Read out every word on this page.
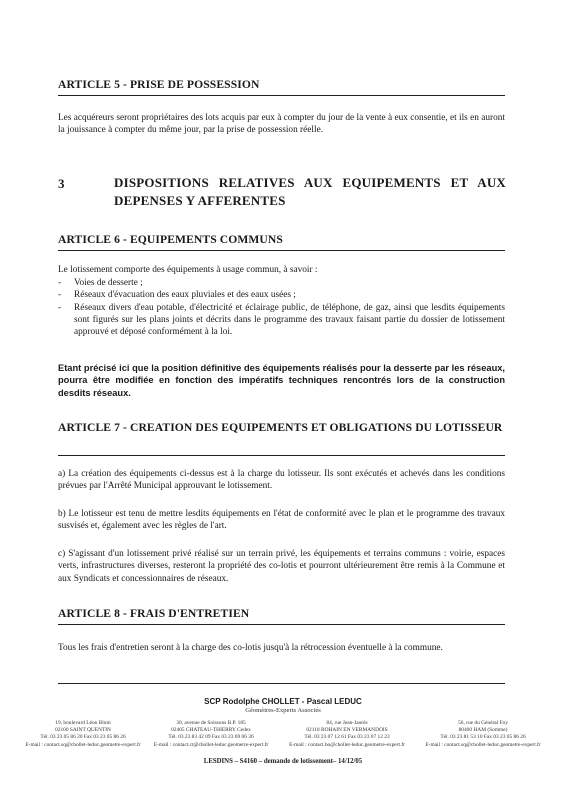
ARTICLE 5 - PRISE DE POSSESSION
Les acquéreurs seront propriétaires des lots acquis par eux à compter du jour de la vente à eux consentie, et ils en auront la jouissance à compter du même jour, par la prise de possession réelle.
3	DISPOSITIONS RELATIVES AUX EQUIPEMENTS ET AUX DEPENSES Y AFFERENTES
ARTICLE 6 - EQUIPEMENTS COMMUNS
Le lotissement comporte des équipements à usage commun, à savoir :
- Voies de desserte ;
- Réseaux d'évacuation des eaux pluviales et des eaux usées ;
- Réseaux divers d'eau potable, d'électricité et éclairage public, de téléphone, de gaz, ainsi que lesdits équipements sont figurés sur les plans joints et décrits dans le programme des travaux faisant partie du dossier de lotissement approuvé et déposé conformément à la loi.
Etant précisé ici que la position définitive des équipements réalisés pour la desserte par les réseaux, pourra être modifiée en fonction des impératifs techniques rencontrés lors de la construction desdits réseaux.
ARTICLE 7 - CREATION DES EQUIPEMENTS ET OBLIGATIONS DU LOTISSEUR
a) La création des équipements ci-dessus est à la charge du lotisseur. Ils sont exécutés et achevés dans les conditions prévues par l'Arrêté Municipal approuvant le lotissement.
b) Le lotisseur est tenu de mettre lesdits équipements en l'état de conformité avec le plan et le programme des travaux susvisés et, également avec les règles de l'art.
c) S'agissant d'un lotissement privé réalisé sur un terrain privé, les équipements et terrains communs : voirie, espaces verts, infrastructures diverses, resteront la propriété des co-lotis et pourront ultérieurement être remis à la Commune et aux Syndicats et concessionnaires de réseaux.
ARTICLE 8 - FRAIS D'ENTRETIEN
Tous les frais d'entretien seront à la charge des co-lotis jusqu'à la rétrocession éventuelle à la commune.
SCP Rodolphe CHOLLET - Pascal LEDUC
Géomètres-Experts Associés
19, boulevard Léon Blum
02100 SAINT QUENTIN
Tél. 03 23 05 86 20 Fax 03 23 05 86 26
E-mail : contact.sq@chollet-leduc.geometre-expert.fr
30, avenue de Soissons B.P. 185
02405 CHATEAU-THIERRY Cedex
Tél. 03 23 83 42 09 Fax 03 23 69 06 36
E-mail : contact.ct@chollet-leduc.geometre-expert.fr
84, rue Jean-Jaurès
02110 BOHAIN EN VERMANDOIS
Tél. 03 23 07 12 61 Fax 03 23 07 12 23
E-mail : contact.bo@chollet-leduc.geometre-expert.fr
56, rue du Général Foy
80400 HAM (Somme)
Tél. 03 23 81 53 10 Fax 03 23 05 86 26
E-mail : contact.sq@chollet-leduc.geometre-expert.fr
LESDINS – S4160 – demande de lotissement– 14/12/05
